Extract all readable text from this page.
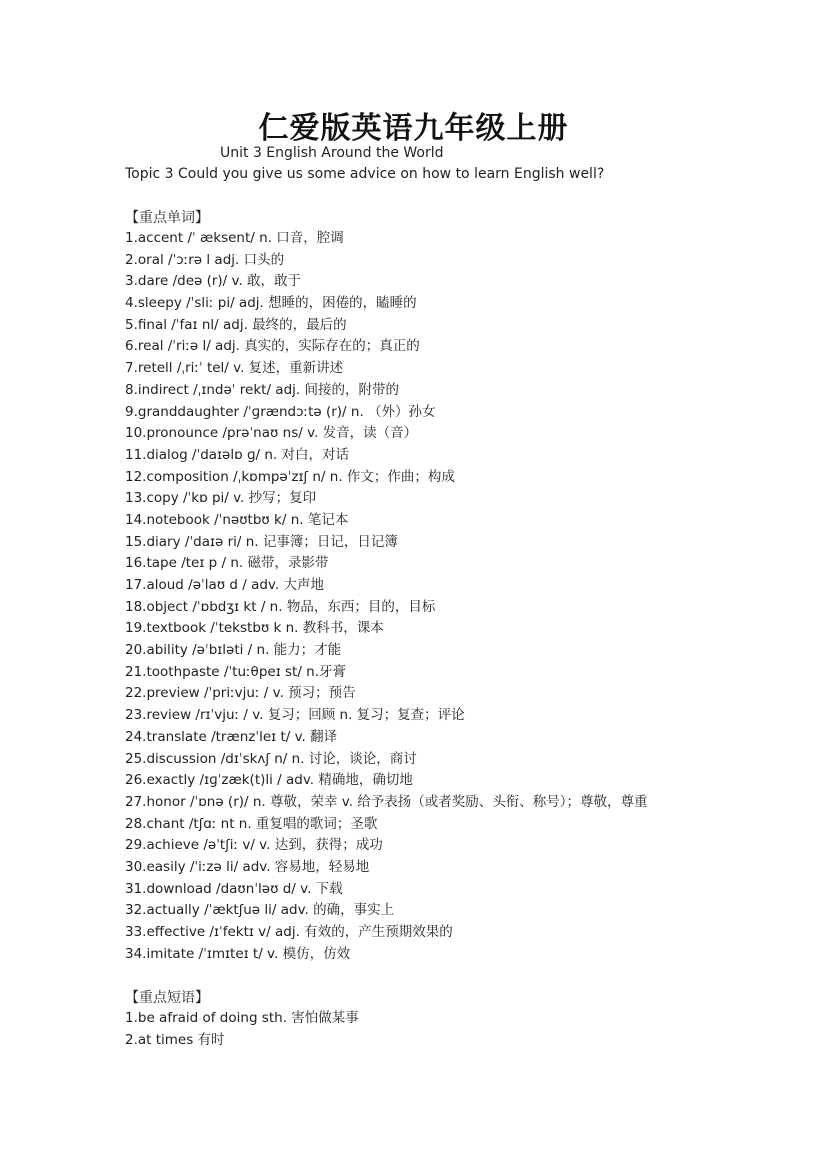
仁爱版英语九年级上册
Unit 3 English Around the World
Topic 3 Could you give us some advice on how to learn English well?
【重点单词】
1.accent /ˈ æksent/ n. 口音，腔调
2.oral /ˈɔːrə l adj. 口头的
3.dare /deə (r)/ v. 敢，敢于
4.sleepy /ˈsliː pi/ adj. 想睡的，困倦的，瞌睡的
5.final /ˈfaɪ nl/ adj. 最终的，最后的
6.real /ˈriːə l/ adj. 真实的，实际存在的；真正的
7.retell /ˌriːˈ tel/ v. 复述，重新讲述
8.indirect /ˌɪndəˈ rekt/ adj. 间接的，附带的
9.granddaughter /ˈɡrændɔːtə (r)/ n. （外）孙女
10.pronounce /prəˈnaʊ ns/ v. 发音，读（音）
11.dialog /ˈdaɪəlɒ ɡ/ n. 对白，对话
12.composition /ˌkɒmpəˈzɪʃ n/ n. 作文；作曲；构成
13.copy /ˈkɒ pi/ v. 抄写；复印
14.notebook /ˈnəʊtbʊ k/ n. 笔记本
15.diary /ˈdaɪə ri/ n. 记事簿；日记，日记簿
16.tape /teɪ p / n. 磁带，录影带
17.aloud /əˈlaʊ d / adv. 大声地
18.object /ˈɒbdʒɪ kt / n. 物品，东西；目的，目标
19.textbook /ˈtekstbʊ k n. 教科书，课本
20.ability /əˈbɪləti / n. 能力；才能
21.toothpaste /ˈtuːθpeɪ st/ n.牙膏
22.preview /ˈpriːvjuː / v. 预习；预告
23.review /rɪˈvjuː / v. 复习；回顾 n. 复习；复查；评论
24.translate /trænzˈleɪ t/ v. 翻译
25.discussion /dɪˈskʌʃ n/ n. 讨论，谈论，商讨
26.exactly /ɪɡˈzæk(t)li / adv. 精确地，确切地
27.honor /ˈɒnə (r)/ n. 尊敬，荣幸 v. 给予表扬（或者奖励、头衔、称号）；尊敬，尊重
28.chant /tʃɑː nt n. 重复唱的歌词；圣歌
29.achieve /əˈtʃiː v/ v. 达到，获得；成功
30.easily /ˈiːzə li/ adv. 容易地，轻易地
31.download /daʊnˈləʊ d/ v. 下载
32.actually /ˈæktʃuə li/ adv. 的确，事实上
33.effective /ɪˈfektɪ v/ adj. 有效的，产生预期效果的
34.imitate /ˈɪmɪteɪ t/ v. 模仿，仿效
【重点短语】
1.be afraid of doing sth. 害怕做某事
2.at times 有时
